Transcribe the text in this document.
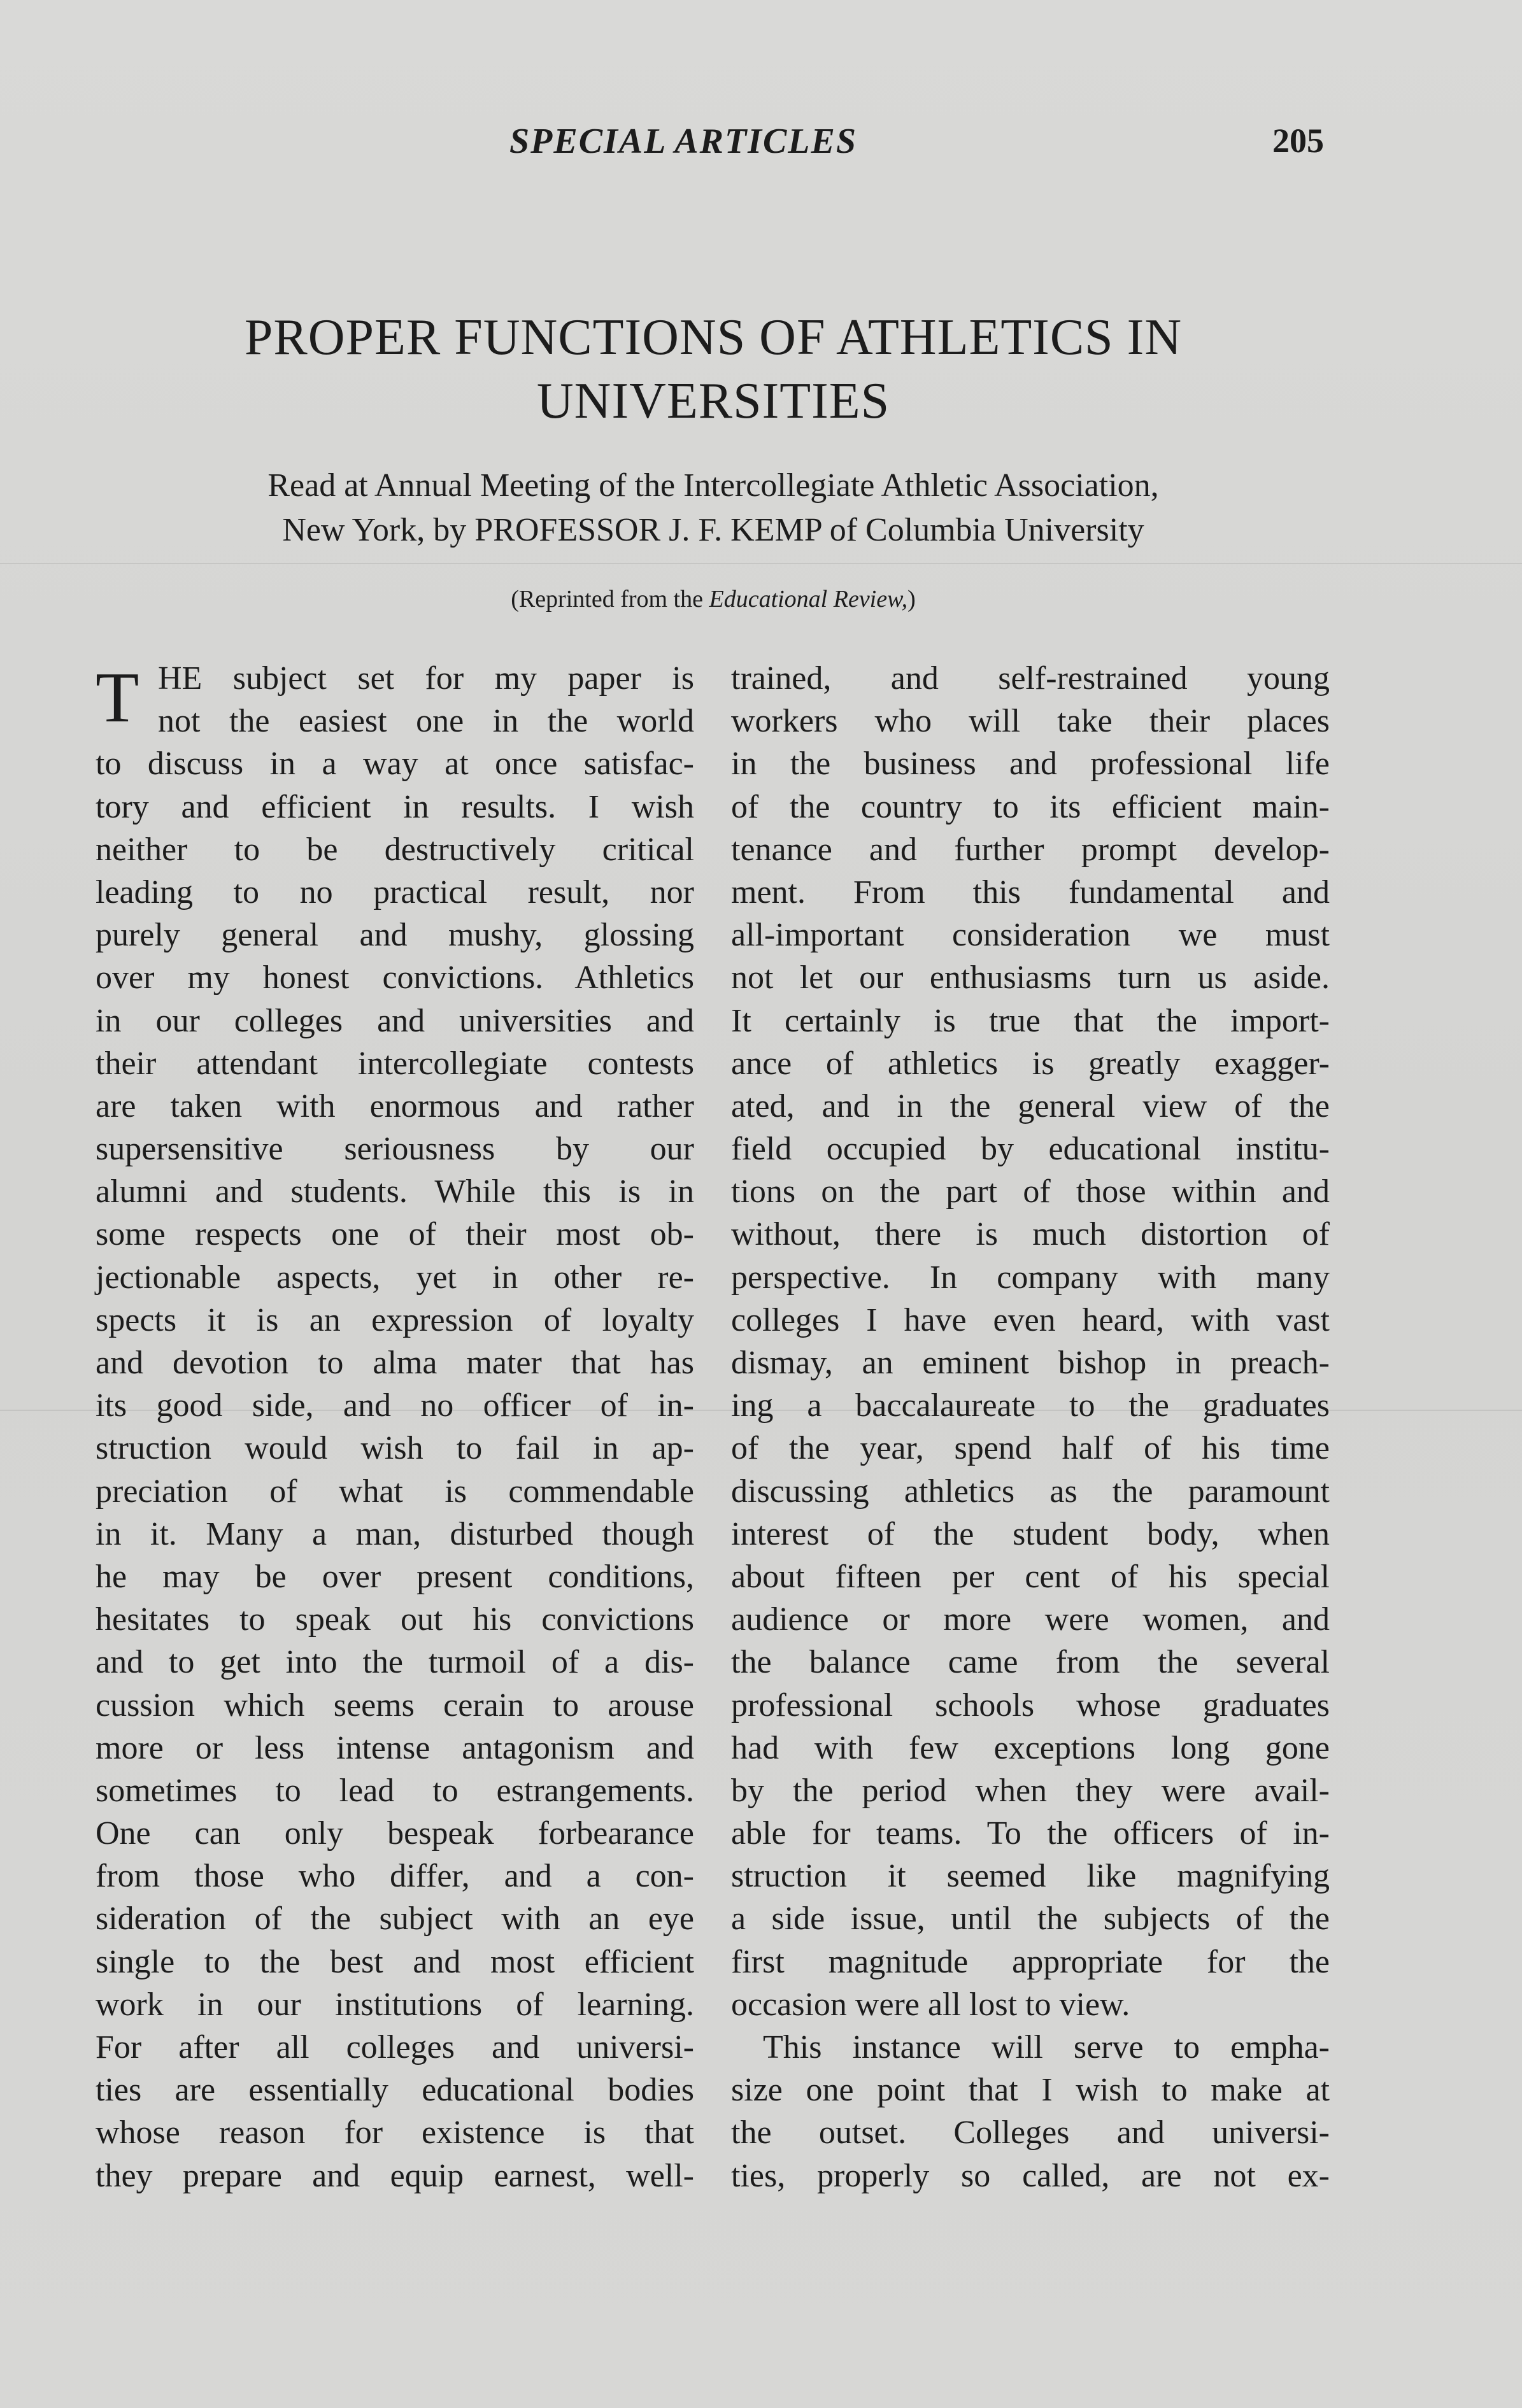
SPECIAL ARTICLES	205
PROPER FUNCTIONS OF ATHLETICS IN
UNIVERSITIES
Read at Annual Meeting of the Intercollegiate Athletic Association,
New York, by PROFESSOR J. F. KEMP of Columbia University
(Reprinted from the Educational Review,)
T HE subject set for my paper is
not the easiest one in the world
to discuss in a way at once satisfac-
tory and efficient in results. I wish
neither to be destructively critical
leading to no practical result, nor
purely general and mushy, glossing
over my honest convictions. Athletics
in our colleges and universities and
their attendant intercollegiate contests
are taken with enormous and rather
supersensitive seriousness by our
alumni and students. While this is in
some respects one of their most ob-
jectionable aspects, yet in other re-
spects it is an expression of loyalty
and devotion to alma mater that has
its good side, and no officer of in-
struction would wish to fail in ap-
preciation of what is commendable
in it. Many a man, disturbed though
he may be over present conditions,
hesitates to speak out his convictions
and to get into the turmoil of a dis-
cussion which seems cerain to arouse
more or less intense antagonism and
sometimes to lead to estrangements.
One can only bespeak forbearance
from those who differ, and a con-
sideration of the subject with an eye
single to the best and most efficient
work in our institutions of learning.
For after all colleges and universi-
ties are essentially educational bodies
whose reason for existence is that
they prepare and equip earnest, well-
trained, and self-restrained young
workers who will take their places
in the business and professional life
of the country to its efficient main-
tenance and further prompt develop-
ment. From this fundamental and
all-important consideration we must
not let our enthusiasms turn us aside.
It certainly is true that the import-
ance of athletics is greatly exagger-
ated, and in the general view of the
field occupied by educational institu-
tions on the part of those within and
without, there is much distortion of
perspective. In company with many
colleges I have even heard, with vast
dismay, an eminent bishop in preach-
ing a baccalaureate to the graduates
of the year, spend half of his time
discussing athletics as the paramount
interest of the student body, when
about fifteen per cent of his special
audience or more were women, and
the balance came from the several
professional schools whose graduates
had with few exceptions long gone
by the period when they were avail-
able for teams. To the officers of in-
struction it seemed like magnifying
a side issue, until the subjects of the
first magnitude appropriate for the
occasion were all lost to view.
This instance will serve to empha-
size one point that I wish to make at
the outset. Colleges and universi-
ties, properly so called, are not ex-
